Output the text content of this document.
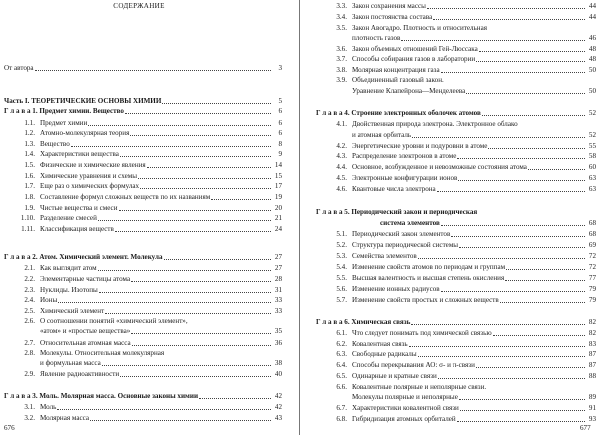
СОДЕРЖАНИЕ
От автора	3
Часть I. ТЕОРЕТИЧЕСКИЕ ОСНОВЫ ХИМИИ	5
Г л а в а 1. Предмет химии. Вещество	6
1.1. Предмет химии	6
1.2. Атомно-молекулярная теория	6
1.3. Вещество	8
1.4. Характеристики вещества	9
1.5. Физические и химические явления	14
1.6. Химические уравнения и схемы	15
1.7. Еще раз о химических формулах	17
1.8. Составление формул сложных веществ по их названиям	19
1.9. Чистые вещества и смеси	20
1.10. Разделение смесей	21
1.11. Классификация веществ	24
Г л а в а 2. Атом. Химический элемент. Молекула	27
2.1. Как выглядит атом	27
2.2. Элементарные частицы атома	28
2.3. Нуклиды. Изотопы	31
2.4. Ионы	33
2.5. Химический элемент	33
2.6. О соотношении понятий «химический элемент»,
«атом» и «простые вещества»	35
2.7. Относительная атомная масса	36
2.8. Молекулы. Относительная молекулярная
и формульная масса	38
2.9. Явление радиоактивности	40
Г л а в а 3. Моль. Молярная масса. Основные законы химии	42
3.1. Моль	42
3.2. Молярная масса	43
3.3. Закон сохранения массы	44
3.4. Закон постоянства состава	44
3.5. Закон Авогадро. Плотность и относительная
плотность газов	46
3.6. Закон объемных отношений Гей-Люссака	48
3.7. Способы собирания газов в лаборатории	48
3.8. Молярная концентрация газа	50
3.9. Объединенный газовый закон.
Уравнение Клапейрона—Менделеева	50
Г л а в а 4. Строение электронных оболочек атомов	52
4.1. Двойственная природа электрона. Электронное облако
и атомная орбиталь	52
4.2. Энергетические уровни и подуровни в атоме	55
4.3. Распределение электронов в атоме	58
4.4. Основное, возбужденное и невозможные состояния атома	60
4.5. Электронные конфигурации ионов	63
4.6. Квантовые числа электрона	63
Г л а в а 5. Периодический закон и периодическая
система элементов	68
5.1. Периодический закон элементов	68
5.2. Структура периодической системы	69
5.3. Семейства элементов	72
5.4. Изменение свойств атомов по периодам и группам	72
5.5. Высшая валентность и высшая степень окисления	77
5.6. Изменение ионных радиусов	79
5.7. Изменение свойств простых и сложных веществ	79
Г л а в а 6. Химическая связь	82
6.1. Что следует понимать под химической связью	82
6.2. Ковалентная связь	83
6.3. Свободные радикалы	87
6.4. Способы перекрывания АО: σ- и π-связи	87
6.5. Одинарные и кратные связи	88
6.6. Ковалентные полярные и неполярные связи.
Молекулы полярные и неполярные	89
6.7. Характеристики ковалентной связи	91
6.8. Гибридизация атомных орбиталей	93
676	677
